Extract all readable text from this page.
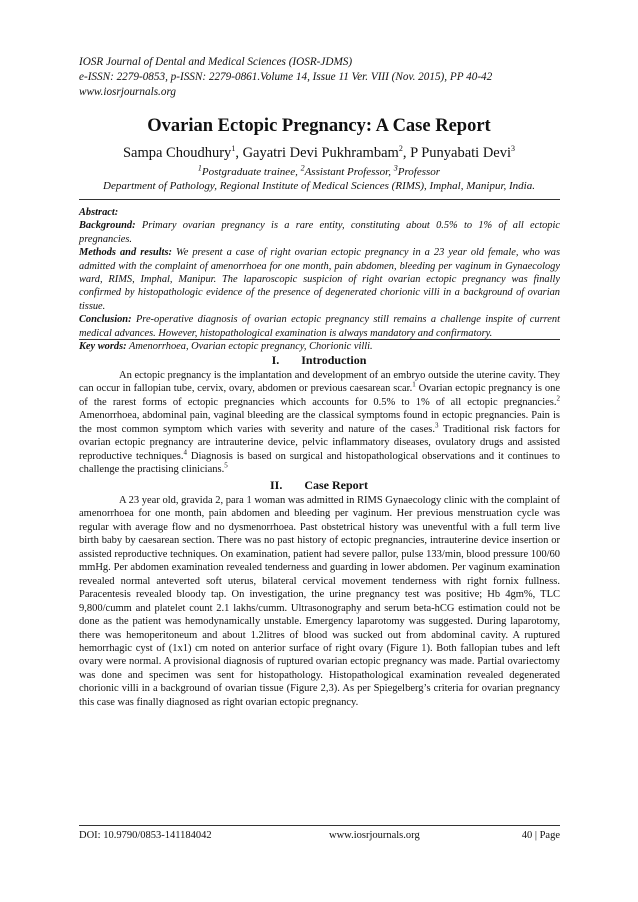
IOSR Journal of Dental and Medical Sciences (IOSR-JDMS)
e-ISSN: 2279-0853, p-ISSN: 2279-0861.Volume 14, Issue 11 Ver. VIII (Nov. 2015), PP 40-42
www.iosrjournals.org
Ovarian Ectopic Pregnancy: A Case Report
Sampa Choudhury$^1$, Gayatri Devi Pukhrambam$^2$, P Punyabati Devi$^3$
$^1$Postgraduate trainee, $^2$Assistant Professor, $^3$Professor
Department of Pathology, Regional Institute of Medical Sciences (RIMS), Imphal, Manipur, India.

Abstract:

Background: Primary ovarian pregnancy is a rare entity, constituting about 0.5% to 1% of all ectopic pregnancies.

Methods and results: We present a case of right ovarian ectopic pregnancy in a 23 year old female, who was admitted with the complaint of amenorrhoea for one month, pain abdomen, bleeding per vaginum in Gynaecology ward, RIMS, Imphal, Manipur. The laparoscopic suspicion of right ovarian ectopic pregnancy was finally confirmed by histopathologic evidence of the presence of degenerated chorionic villi in a background of ovarian tissue.

Conclusion: Pre-operative diagnosis of ovarian ectopic pregnancy still remains a challenge inspite of current medical advances. However, histopathological examination is always mandatory and confirmatory.

Key words: Amenorrhoea, Ovarian ectopic pregnancy, Chorionic villi.

I. Introduction

An ectopic pregnancy is the implantation and development of an embryo outside the uterine cavity. They can occur in fallopian tube, cervix, ovary, abdomen or previous caesarean scar.$^1$ Ovarian ectopic pregnancy is one of the rarest forms of ectopic pregnancies which accounts for 0.5% to 1% of all ectopic pregnancies.$^2$ Amenorrhoea, abdominal pain, vaginal bleeding are the classical symptoms found in ectopic pregnancies. Pain is the most common symptom which varies with severity and nature of the cases.$^3$ Traditional risk factors for ovarian ectopic pregnancy are intrauterine device, pelvic inflammatory diseases, ovulatory drugs and assisted reproductive techniques.$^4$ Diagnosis is based on surgical and histopathological observations and it continues to challenge the practising clinicians.$^5$

II. Case Report

A 23 year old, gravida 2, para 1 woman was admitted in RIMS Gynaecology clinic with the complaint of amenorrhoea for one month, pain abdomen and bleeding per vaginum. Her previous menstruation cycle was regular with average flow and no dysmenorrhoea. Past obstetrical history was uneventful with a full term live birth baby by caesarean section. There was no past history of ectopic pregnancies, intrauterine device insertion or assisted reproductive techniques. On examination, patient had severe pallor, pulse 133/min, blood pressure 100/60 mmHg. Per abdomen examination revealed tenderness and guarding in lower abdomen. Per vaginum examination revealed normal anteverted soft uterus, bilateral cervical movement tenderness with right fornix fullness. Paracentesis revealed bloody tap. On investigation, the urine pregnancy test was positive; Hb 4gm%, TLC 9,800/cumm and platelet count 2.1 lakhs/cumm. Ultrasonography and serum beta-hCG estimation could not be done as the patient was hemodynamically unstable. Emergency laparotomy was suggested. During laparotomy, there was hemoperitoneum and about 1.2litres of blood was sucked out from abdominal cavity. A ruptured hemorrhagic cyst of (1x1) cm noted on anterior surface of right ovary (Figure 1). Both fallopian tubes and left ovary were normal. A provisional diagnosis of ruptured ovarian ectopic pregnancy was made. Partial ovariectomy was done and specimen was sent for histopathology. Histopathological examination revealed degenerated chorionic villi in a background of ovarian tissue (Figure 2,3). As per Spiegelberg’s criteria for ovarian pregnancy this case was finally diagnosed as right ovarian ectopic pregnancy.

DOI: 10.9790/0853-141184042	www.iosrjournals.org	40 | Page
